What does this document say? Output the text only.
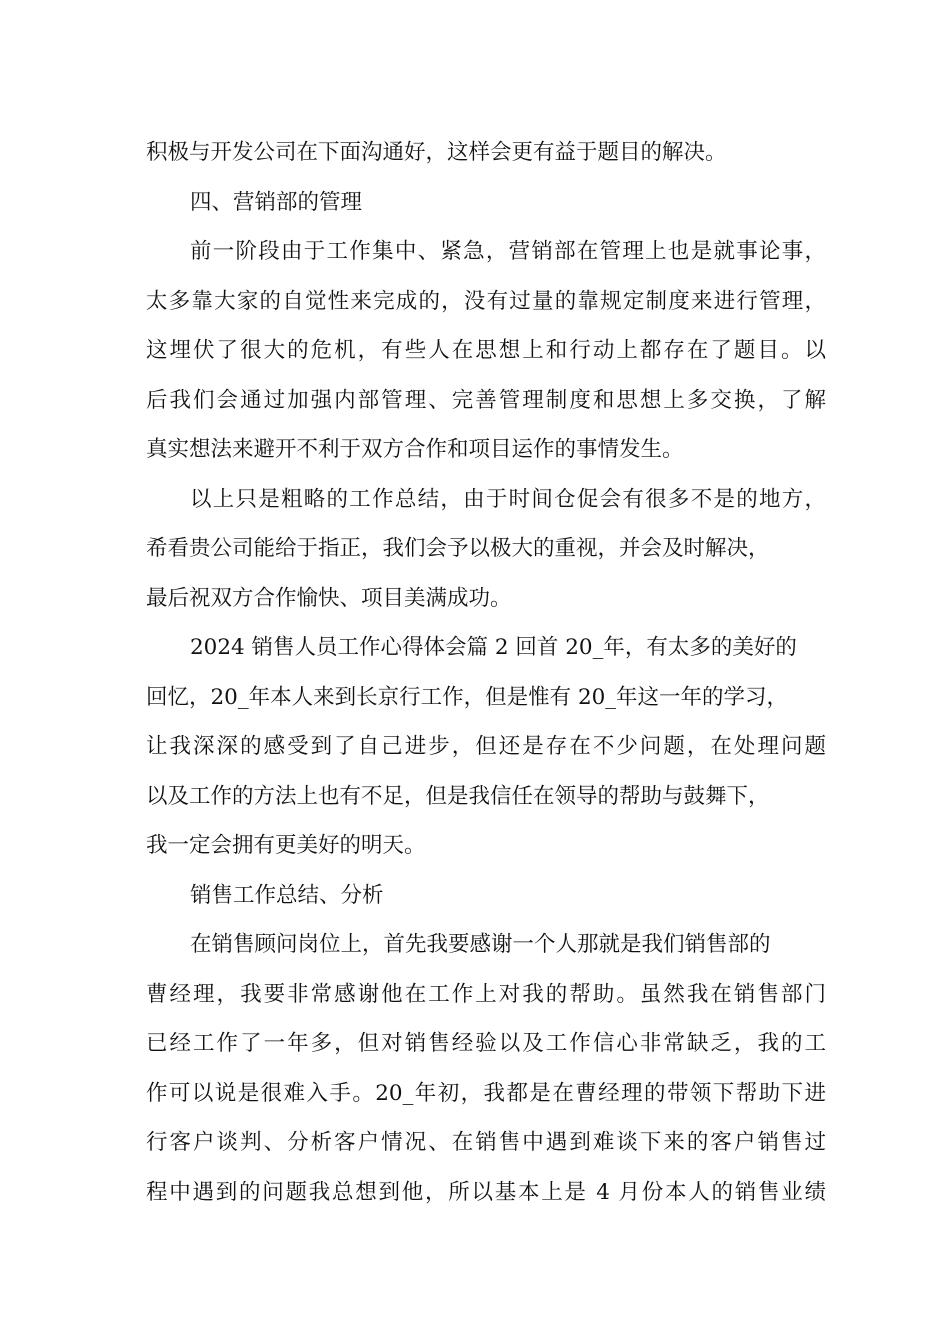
积极与开发公司在下面沟通好，这样会更有益于题目的解决。
四、营销部的管理
前一阶段由于工作集中、紧急，营销部在管理上也是就事论事，
太多靠大家的自觉性来完成的，没有过量的靠规定制度来进行管理，
这埋伏了很大的危机，有些人在思想上和行动上都存在了题目。以
后我们会通过加强内部管理、完善管理制度和思想上多交换，了解
真实想法来避开不利于双方合作和项目运作的事情发生。
以上只是粗略的工作总结，由于时间仓促会有很多不是的地方，
希看贵公司能给于指正，我们会予以极大的重视，并会及时解决，
最后祝双方合作愉快、项目美满成功。
2024 销售人员工作心得体会篇 2 回首 20_年，有太多的美好的
回忆，20_年本人来到长京行工作，但是惟有 20_年这一年的学习，
让我深深的感受到了自己进步，但还是存在不少问题，在处理问题
以及工作的方法上也有不足，但是我信任在领导的帮助与鼓舞下，
我一定会拥有更美好的明天。
销售工作总结、分析
在销售顾问岗位上，首先我要感谢一个人那就是我们销售部的
曹经理，我要非常感谢他在工作上对我的帮助。虽然我在销售部门
已经工作了一年多，但对销售经验以及工作信心非常缺乏，我的工
作可以说是很难入手。20_年初，我都是在曹经理的带领下帮助下进
行客户谈判、分析客户情况、在销售中遇到难谈下来的客户销售过
程中遇到的问题我总想到他，所以基本上是 4 月份本人的销售业绩
